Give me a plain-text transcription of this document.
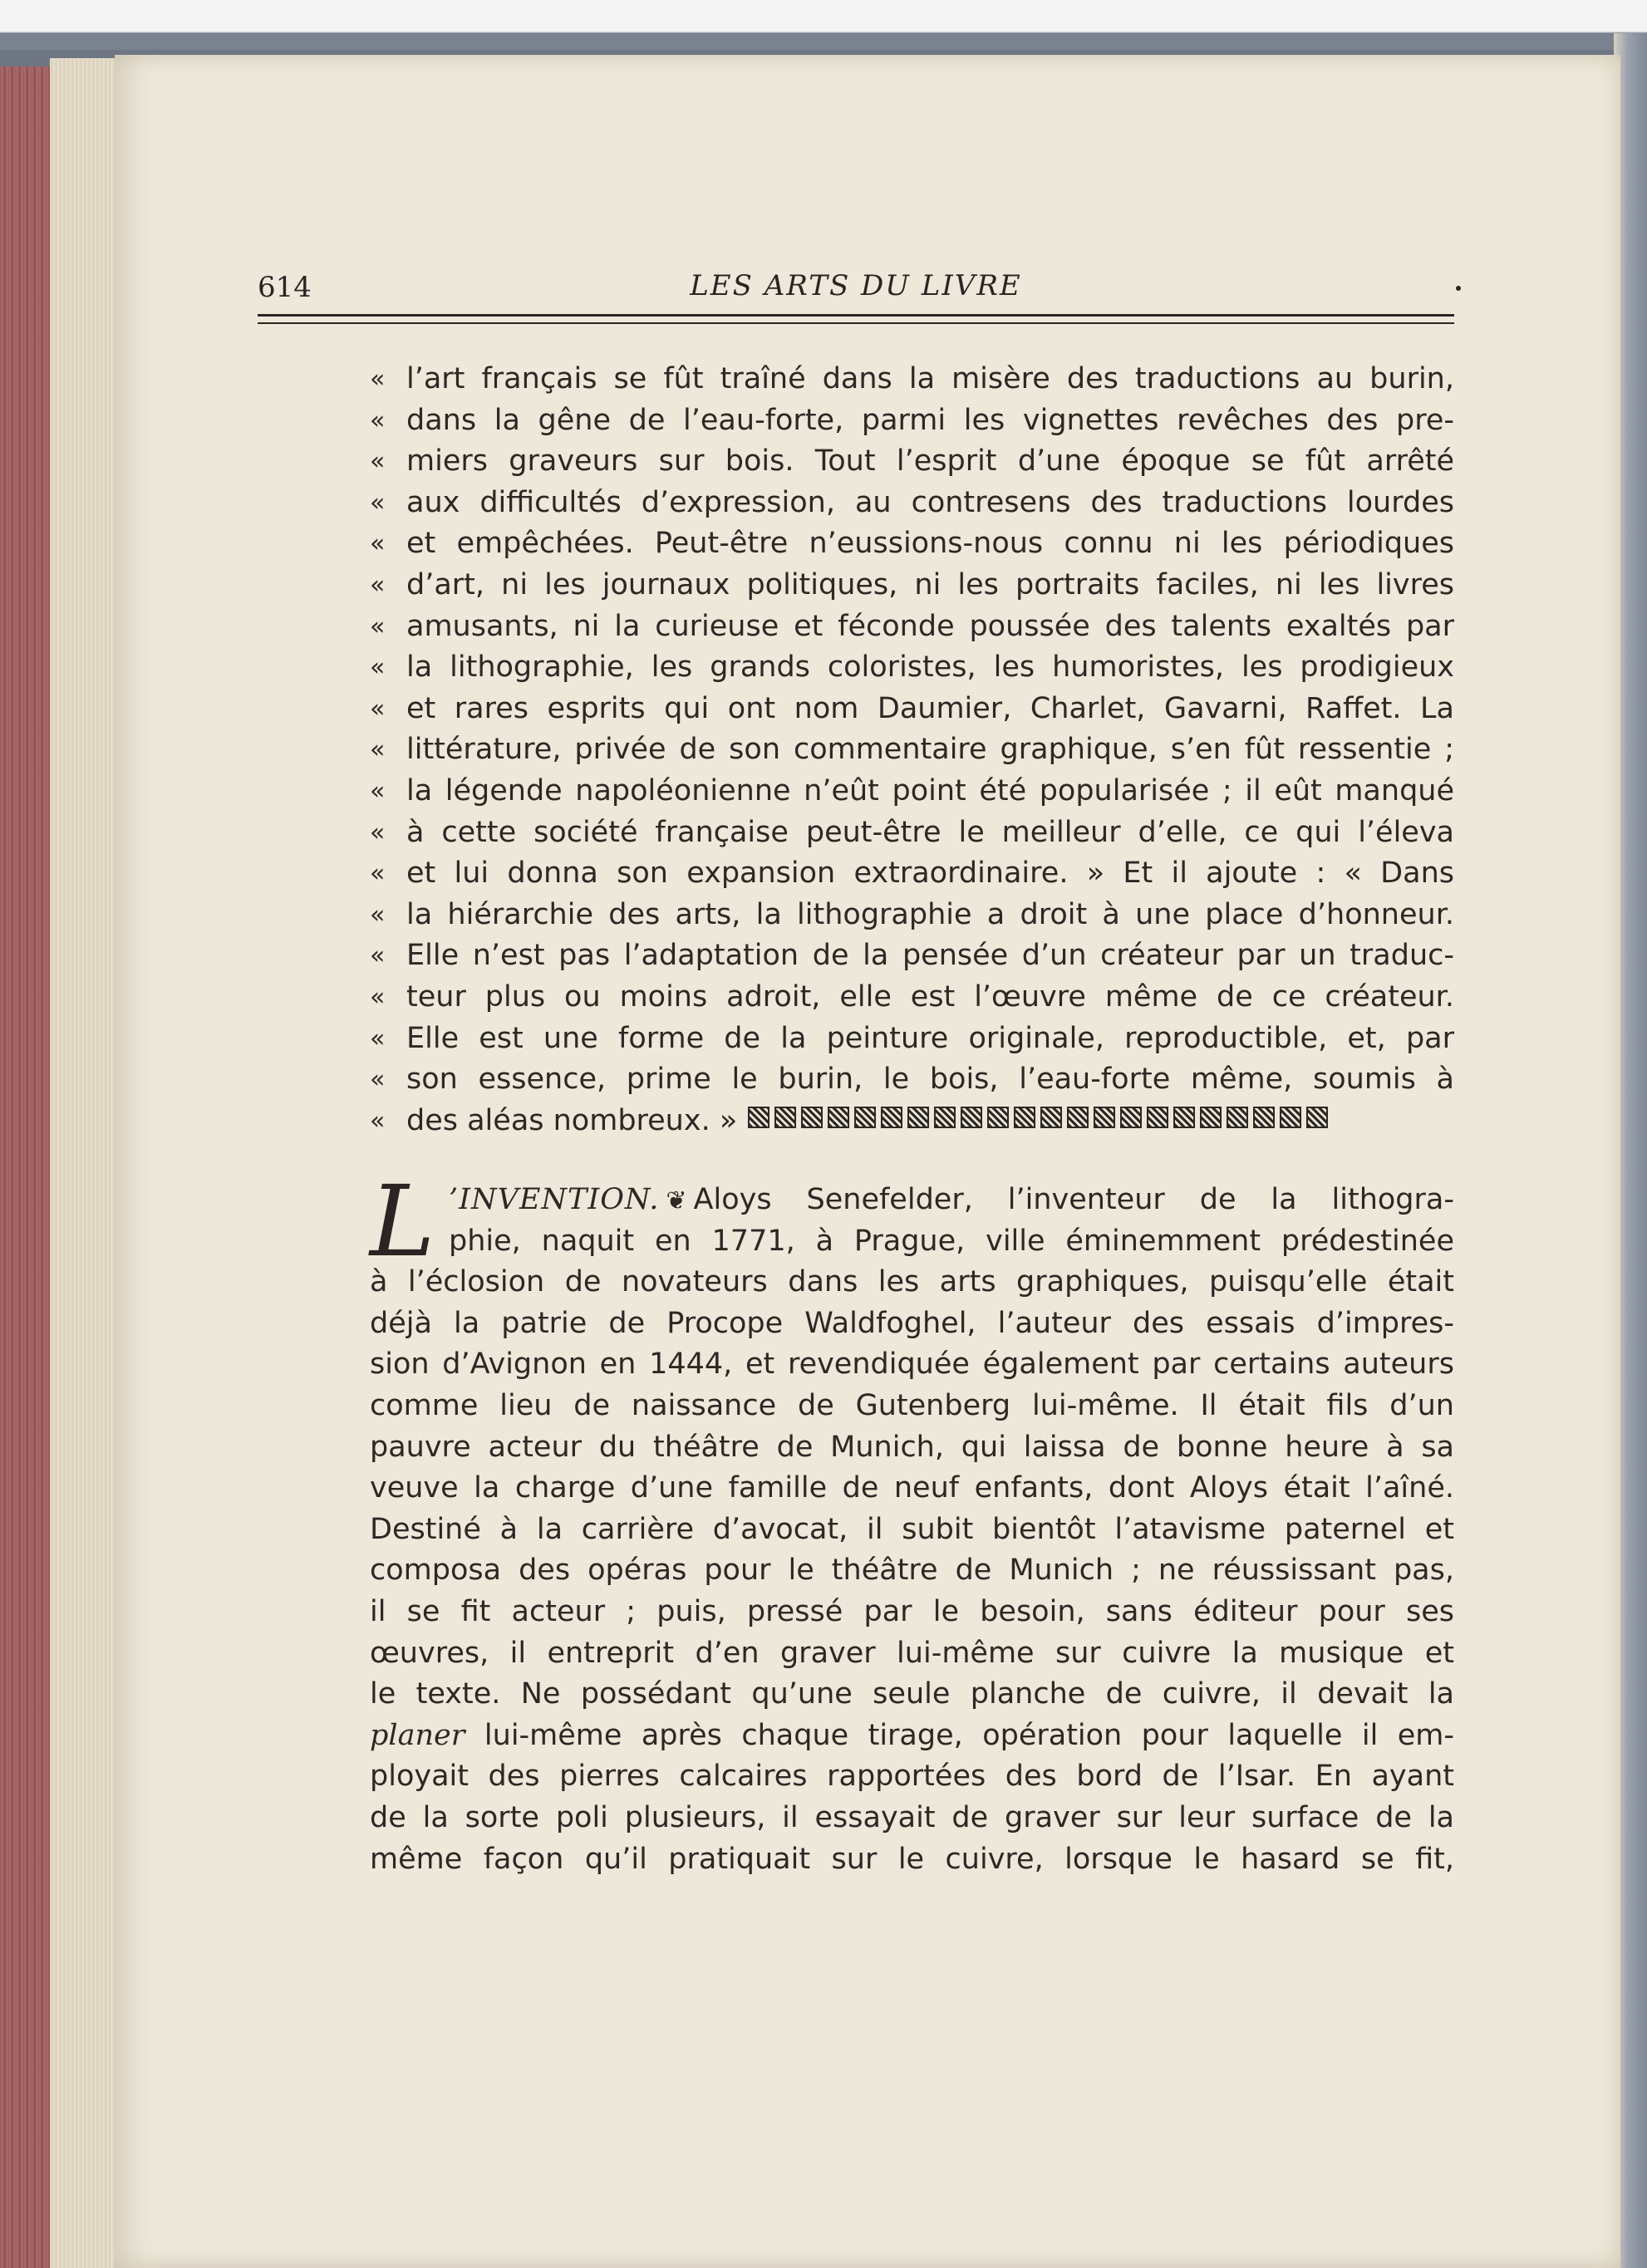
614	LES ARTS DU LIVRE
« l’art français se fût traîné dans la misère des traductions au burin,
« dans la gêne de l’eau-forte, parmi les vignettes revêches des pre-
« miers graveurs sur bois. Tout l’esprit d’une époque se fût arrêté
« aux difficultés d’expression, au contresens des traductions lourdes
« et empêchées. Peut-être n’eussions-nous connu ni les périodiques
« d’art, ni les journaux politiques, ni les portraits faciles, ni les livres
« amusants, ni la curieuse et féconde poussée des talents exaltés par
« la lithographie, les grands coloristes, les humoristes, les prodigieux
« et rares esprits qui ont nom Daumier, Charlet, Gavarni, Raffet. La
« littérature, privée de son commentaire graphique, s’en fût ressentie ;
« la légende napoléonienne n’eût point été popularisée ; il eût manqué
« à cette société française peut-être le meilleur d’elle, ce qui l’éleva
« et lui donna son expansion extraordinaire. » Et il ajoute : « Dans
« la hiérarchie des arts, la lithographie a droit à une place d’honneur.
« Elle n’est pas l’adaptation de la pensée d’un créateur par un traduc-
« teur plus ou moins adroit, elle est l’œuvre même de ce créateur.
« Elle est une forme de la peinture originale, reproductible, et, par
« son essence, prime le burin, le bois, l’eau-forte même, soumis à
« des aléas nombreux. »
L ’INVENTION. ❦ Aloys Senefelder, l’inventeur de la lithogra-
phie, naquit en 1771, à Prague, ville éminemment prédestinée
à l’éclosion de novateurs dans les arts graphiques, puisqu’elle était
déjà la patrie de Procope Waldfoghel, l’auteur des essais d’impres-
sion d’Avignon en 1444, et revendiquée également par certains auteurs
comme lieu de naissance de Gutenberg lui-même. Il était fils d’un
pauvre acteur du théâtre de Munich, qui laissa de bonne heure à sa
veuve la charge d’une famille de neuf enfants, dont Aloys était l’aîné.
Destiné à la carrière d’avocat, il subit bientôt l’atavisme paternel et
composa des opéras pour le théâtre de Munich ; ne réussissant pas,
il se fit acteur ; puis, pressé par le besoin, sans éditeur pour ses
œuvres, il entreprit d’en graver lui-même sur cuivre la musique et
le texte. Ne possédant qu’une seule planche de cuivre, il devait la
planer lui-même après chaque tirage, opération pour laquelle il em-
ployait des pierres calcaires rapportées des bord de l’Isar. En ayant
de la sorte poli plusieurs, il essayait de graver sur leur surface de la
même façon qu’il pratiquait sur le cuivre, lorsque le hasard se fit,
